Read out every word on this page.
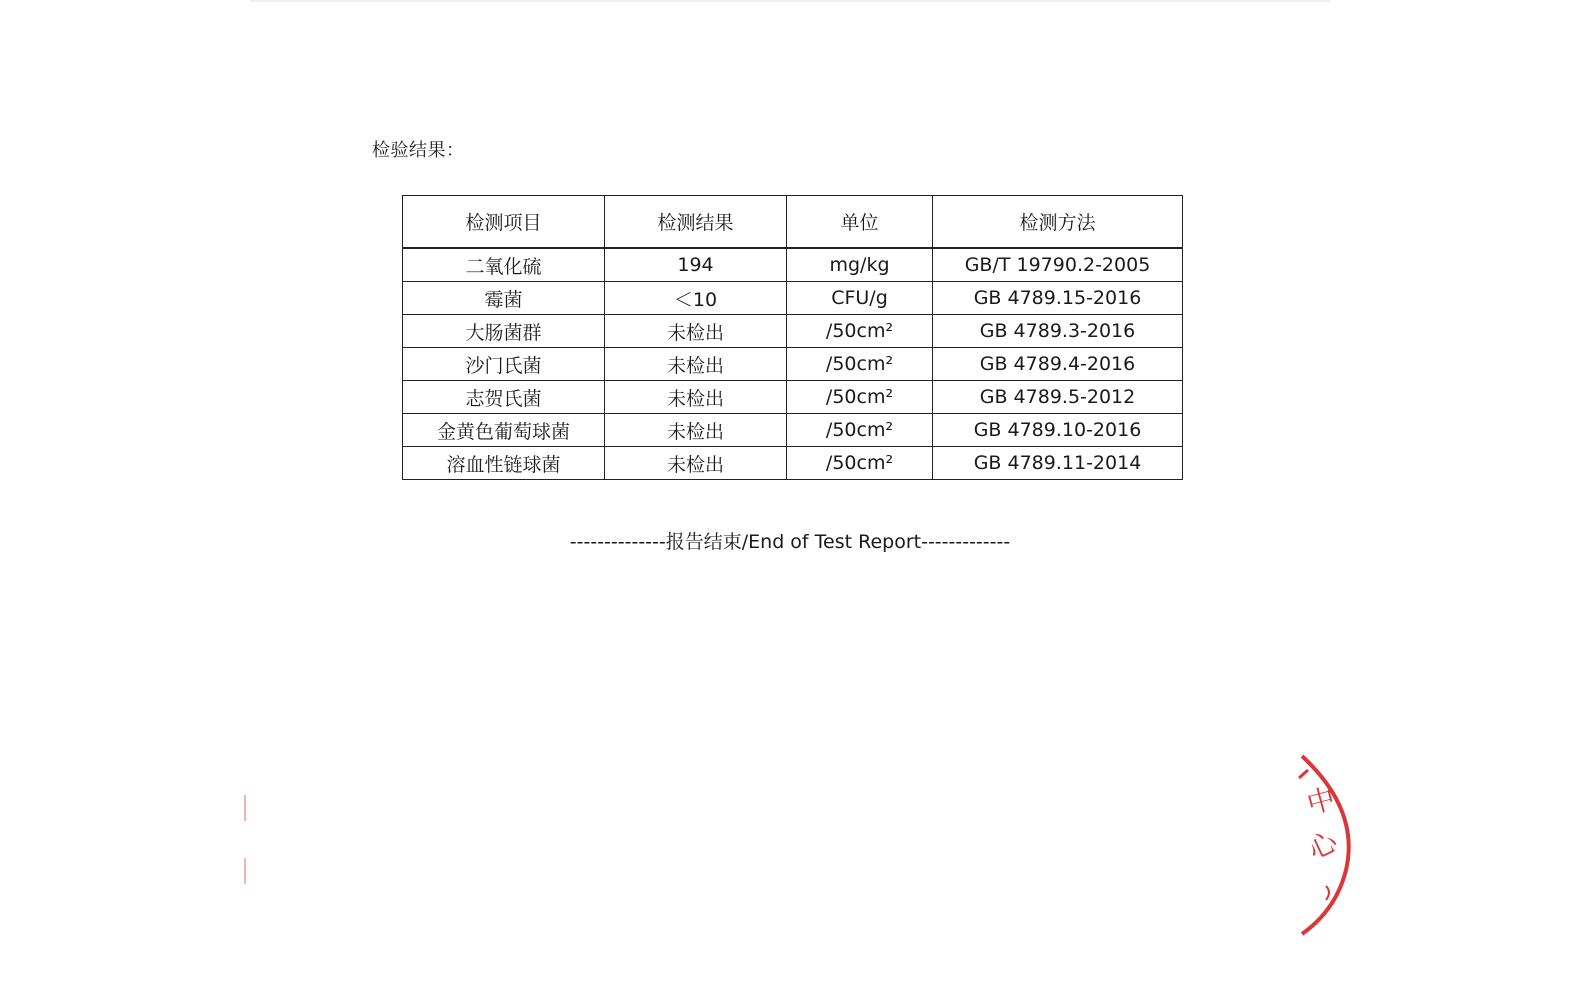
检验结果：
检测项目	检测结果	单位	检测方法
二氧化硫	194	mg/kg	GB/T 19790.2-2005
霉菌	＜10	CFU/g	GB 4789.15-2016
大肠菌群	未检出	/50cm²	GB 4789.3-2016
沙门氏菌	未检出	/50cm²	GB 4789.4-2016
志贺氏菌	未检出	/50cm²	GB 4789.5-2012
金黄色葡萄球菌	未检出	/50cm²	GB 4789.10-2016
溶血性链球菌	未检出	/50cm²	GB 4789.11-2014
--------------报告结束/End of Test Report-------------
中
心
